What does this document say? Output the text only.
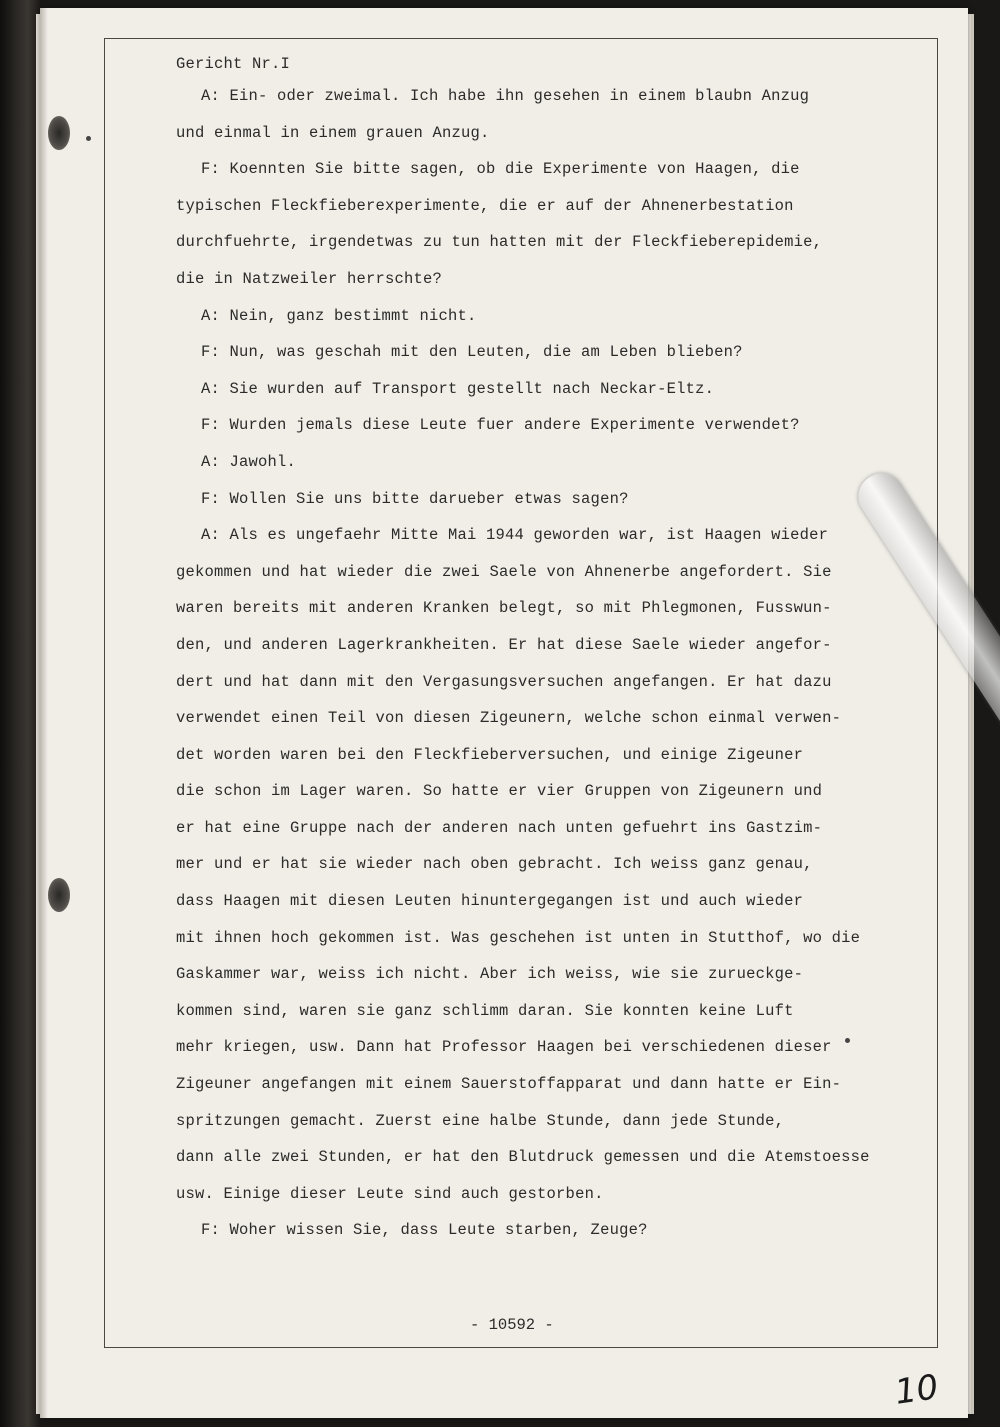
Gericht Nr.I
A: Ein- oder zweimal. Ich habe ihn gesehen in einem blaubn Anzug
und einmal in einem grauen Anzug.
F: Koennten Sie bitte sagen, ob die Experimente von Haagen, die
typischen Fleckfieberexperimente, die er auf der Ahnenerbestation
durchfuehrte, irgendetwas zu tun hatten mit der Fleckfieberepidemie,
die in Natzweiler herrschte?
A: Nein, ganz bestimmt nicht.
F: Nun, was geschah mit den Leuten, die am Leben blieben?
A: Sie wurden auf Transport gestellt nach Neckar-Eltz.
F: Wurden jemals diese Leute fuer andere Experimente verwendet?
A: Jawohl.
F: Wollen Sie uns bitte darueber etwas sagen?
A: Als es ungefaehr Mitte Mai 1944 geworden war, ist Haagen wieder
gekommen und hat wieder die zwei Saele von Ahnenerbe angefordert. Sie
waren bereits mit anderen Kranken belegt, so mit Phlegmonen, Fusswun-
den, und anderen Lagerkrankheiten. Er hat diese Saele wieder angefor-
dert und hat dann mit den Vergasungsversuchen angefangen. Er hat dazu
verwendet einen Teil von diesen Zigeunern, welche schon einmal verwen-
det worden waren bei den Fleckfieberversuchen, und einige Zigeuner
die schon im Lager waren. So hatte er vier Gruppen von Zigeunern und
er hat eine Gruppe nach der anderen nach unten gefuehrt ins Gastzim-
mer und er hat sie wieder nach oben gebracht. Ich weiss ganz genau,
dass Haagen mit diesen Leuten hinuntergegangen ist und auch wieder
mit ihnen hoch gekommen ist. Was geschehen ist unten in Stutthof, wo die
Gaskammer war, weiss ich nicht. Aber ich weiss, wie sie zurueckge-
kommen sind, waren sie ganz schlimm daran. Sie konnten keine Luft
mehr kriegen, usw. Dann hat Professor Haagen bei verschiedenen dieser
Zigeuner angefangen mit einem Sauerstoffapparat und dann hatte er Ein-
spritzungen gemacht. Zuerst eine halbe Stunde, dann jede Stunde,
dann alle zwei Stunden, er hat den Blutdruck gemessen und die Atemstoesse
usw. Einige dieser Leute sind auch gestorben.
F: Woher wissen Sie, dass Leute starben, Zeuge?
- 10592 -
10
